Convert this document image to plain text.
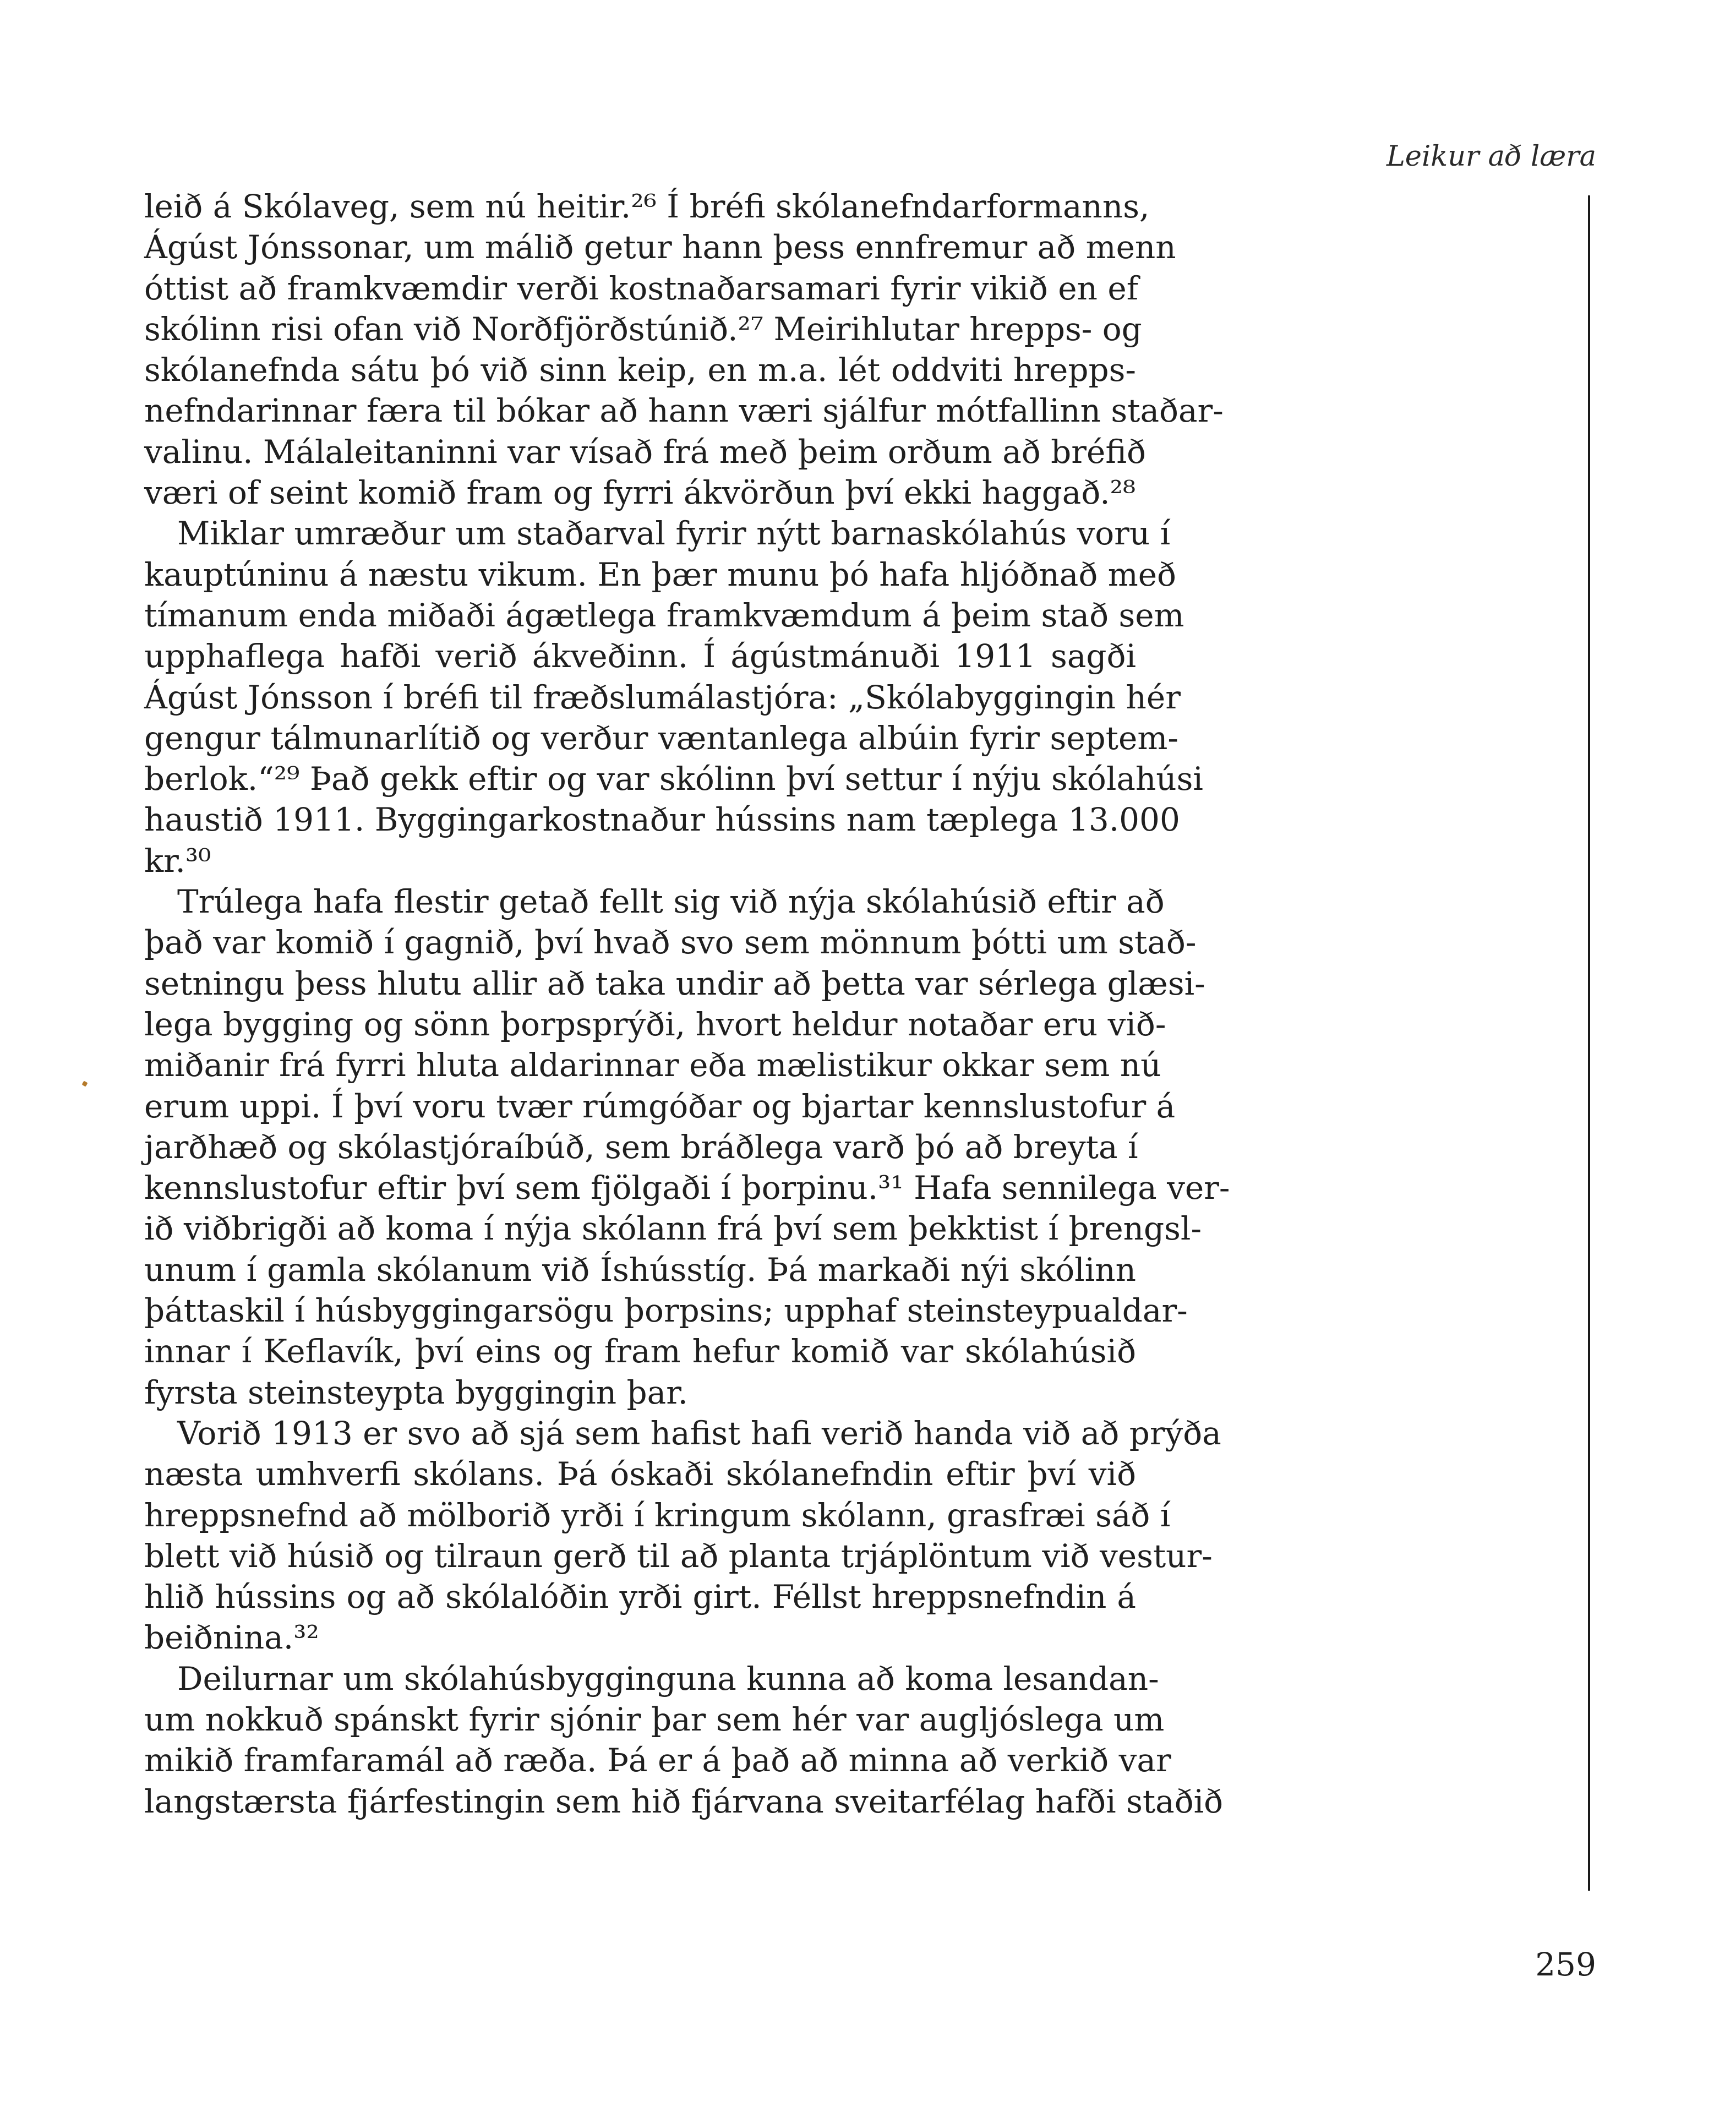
Leikur að læra
leið á Skólaveg, sem nú heitir.²⁶ Í bréfi skólanefndarformanns,
Ágúst Jónssonar, um málið getur hann þess ennfremur að menn
óttist að framkvæmdir verði kostnaðarsamari fyrir vikið en ef
skólinn risi ofan við Norðfjörðstúnið.²⁷ Meirihlutar hrepps- og
skólanefnda sátu þó við sinn keip, en m.a. lét oddviti hrepps-
nefndarinnar færa til bókar að hann væri sjálfur mótfallinn staðar-
valinu. Málaleitaninni var vísað frá með þeim orðum að bréfið
væri of seint komið fram og fyrri ákvörðun því ekki haggað.²⁸
Miklar umræður um staðarval fyrir nýtt barnaskólahús voru í
kauptúninu á næstu vikum. En þær munu þó hafa hljóðnað með
tímanum enda miðaði ágætlega framkvæmdum á þeim stað sem
upphaflega hafði verið ákveðinn. Í ágústmánuði 1911 sagði
Ágúst Jónsson í bréfi til fræðslumálastjóra: „Skólabyggingin hér
gengur tálmunarlítið og verður væntanlega albúin fyrir septem-
berlok.“²⁹ Það gekk eftir og var skólinn því settur í nýju skólahúsi
haustið 1911. Byggingarkostnaður hússins nam tæplega 13.000
kr.³⁰
Trúlega hafa flestir getað fellt sig við nýja skólahúsið eftir að
það var komið í gagnið, því hvað svo sem mönnum þótti um stað-
setningu þess hlutu allir að taka undir að þetta var sérlega glæsi-
lega bygging og sönn þorpsprýði, hvort heldur notaðar eru við-
miðanir frá fyrri hluta aldarinnar eða mælistikur okkar sem nú
erum uppi. Í því voru tvær rúmgóðar og bjartar kennslustofur á
jarðhæð og skólastjóraíbúð, sem bráðlega varð þó að breyta í
kennslustofur eftir því sem fjölgaði í þorpinu.³¹ Hafa sennilega ver-
ið viðbrigði að koma í nýja skólann frá því sem þekktist í þrengsl-
unum í gamla skólanum við Íshússtíg. Þá markaði nýi skólinn
þáttaskil í húsbyggingarsögu þorpsins; upphaf steinsteypualdar-
innar í Keflavík, því eins og fram hefur komið var skólahúsið
fyrsta steinsteypta byggingin þar.
Vorið 1913 er svo að sjá sem hafist hafi verið handa við að prýða
næsta umhverfi skólans. Þá óskaði skólanefndin eftir því við
hreppsnefnd að mölborið yrði í kringum skólann, grasfræi sáð í
blett við húsið og tilraun gerð til að planta trjáplöntum við vestur-
hlið hússins og að skólalóðin yrði girt. Féllst hreppsnefndin á
beiðnina.³²
Deilurnar um skólahúsbygginguna kunna að koma lesandan-
um nokkuð spánskt fyrir sjónir þar sem hér var augljóslega um
mikið framfaramál að ræða. Þá er á það að minna að verkið var
langstærsta fjárfestingin sem hið fjárvana sveitarfélag hafði staðið
259
